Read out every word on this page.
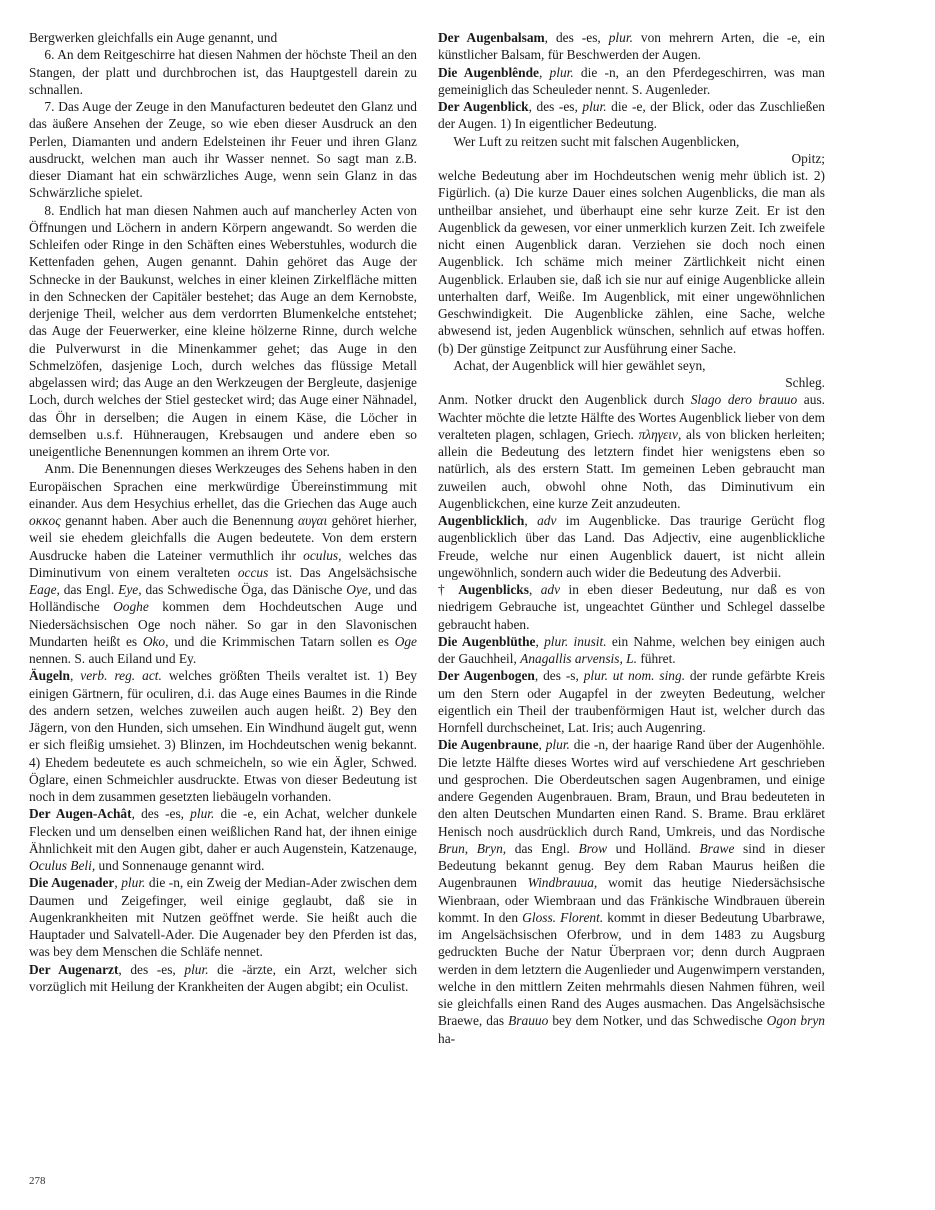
Bergwerken gleichfalls ein Auge genannt, und

6. An dem Reitgeschirre hat diesen Nahmen der höchste Theil an den Stangen, der platt und durchbrochen ist, das Hauptgestell darein zu schnallen.

7. Das Auge der Zeuge in den Manufacturen bedeutet den Glanz und das äußere Ansehen der Zeuge, so wie eben dieser Ausdruck an den Perlen, Diamanten und andern Edelsteinen ihr Feuer und ihren Glanz ausdruckt, welchen man auch ihr Wasser nennet. So sagt man z.B. dieser Diamant hat ein schwärzliches Auge, wenn sein Glanz in das Schwärzliche spielet.

8. Endlich hat man diesen Nahmen auch auf mancherley Acten von Öffnungen und Löchern in andern Körpern angewandt. So werden die Schleifen oder Ringe in den Schäften eines Weberstuhles, wodurch die Kettenfaden gehen, Augen genannt. Dahin gehöret das Auge der Schnecke in der Baukunst, welches in einer kleinen Zirkelfläche mitten in den Schnecken der Capitäler bestehet; das Auge an dem Kernobste, derjenige Theil, welcher aus dem verdorrten Blumenkelche entstehet; das Auge der Feuerwerker, eine kleine hölzerne Rinne, durch welche die Pulverwurst in die Minenkammer gehet; das Auge in den Schmelzöfen, dasjenige Loch, durch welches das flüssige Metall abgelassen wird; das Auge an den Werkzeugen der Bergleute, dasjenige Loch, durch welches der Stiel gestecket wird; das Auge einer Nähnadel, das Öhr in derselben; die Augen in einem Käse, die Löcher in demselben u.s.f. Hühneraugen, Krebsaugen und andere eben so uneigentliche Benennungen kommen an ihrem Orte vor.

Anm. Die Benennungen dieses Werkzeuges des Sehens haben in den Europäischen Sprachen eine merkwürdige Übereinstimmung mit einander. Aus dem Hesychius erhellet, das die Griechen das Auge auch οκκος genannt haben. Aber auch die Benennung αυγαι gehöret hierher, weil sie ehedem gleichfalls die Augen bedeutete. Von dem erstern Ausdrucke haben die Lateiner vermuthlich ihr oculus, welches das Diminutivum von einem veralteten occus ist. Das Angelsächsische Eage, das Engl. Eye, das Schwedische Öga, das Dänische Oye, und das Holländische Ooghe kommen dem Hochdeutschen Auge und Niedersächsischen Oge noch näher. So gar in den Slavonischen Mundarten heißt es Oko, und die Krimmischen Tatarn sollen es Oge nennen. S. auch Eiland und Ey.

Äugeln, verb. reg. act. welches größten Theils veraltet ist. 1) Bey einigen Gärtnern, für oculiren, d.i. das Auge eines Baumes in die Rinde des andern setzen, welches zuweilen auch augen heißt. 2) Bey den Jägern, von den Hunden, sich umsehen. Ein Windhund äugelt gut, wenn er sich fleißig umsiehet. 3) Blinzen, im Hochdeutschen wenig bekannt. 4) Ehedem bedeutete es auch schmeicheln, so wie ein Ägler, Schwed. Öglare, einen Schmeichler ausdruckte. Etwas von dieser Bedeutung ist noch in dem zusammen gesetzten liebäugeln vorhanden.

Der Augen-Achât, des -es, plur. die -e, ein Achat, welcher dunkele Flecken und um denselben einen weißlichen Rand hat, der ihnen einige Ähnlichkeit mit den Augen gibt, daher er auch Augenstein, Katzenauge, Oculus Beli, und Sonnenauge genannt wird.

Die Augenader, plur. die -n, ein Zweig der Median-Ader zwischen dem Daumen und Zeigefinger, weil einige geglaubt, daß sie in Augenkrankheiten mit Nutzen geöffnet werde. Sie heißt auch die Hauptader und Salvatell-Ader. Die Augenader bey den Pferden ist das, was bey dem Menschen die Schläfe nennet.

Der Augenarzt, des -es, plur. die -ärzte, ein Arzt, welcher sich vorzüglich mit Heilung der Krankheiten der Augen abgibt; ein Oculist.

Der Augenbalsam, des -es, plur. von mehrern Arten, die -e, ein künstlicher Balsam, für Beschwerden der Augen.

Die Augenblênde, plur. die -n, an den Pferdegeschirren, was man gemeiniglich das Scheuleder nennt. S. Augenleder.

Der Augenblick, des -es, plur. die -e, der Blick, oder das Zuschließen der Augen. 1) In eigentlicher Bedeutung.

Wer Luft zu reitzen sucht mit falschen Augenblicken,

Opitz;

welche Bedeutung aber im Hochdeutschen wenig mehr üblich ist. 2) Figürlich. (a) Die kurze Dauer eines solchen Augenblicks, die man als untheilbar ansiehet, und überhaupt eine sehr kurze Zeit. Er ist den Augenblick da gewesen, vor einer unmerklich kurzen Zeit. Ich zweifele nicht einen Augenblick daran. Verziehen sie doch noch einen Augenblick. Ich schäme mich meiner Zärtlichkeit nicht einen Augenblick. Erlauben sie, daß ich sie nur auf einige Augenblicke allein unterhalten darf, Weiße. Im Augenblick, mit einer ungewöhnlichen Geschwindigkeit. Die Augenblicke zählen, eine Sache, welche abwesend ist, jeden Augenblick wünschen, sehnlich auf etwas hoffen. (b) Der günstige Zeitpunct zur Ausführung einer Sache.

Achat, der Augenblick will hier gewählet seyn,

Schleg.

Anm. Notker druckt den Augenblick durch Slago dero brauuo aus. Wachter möchte die letzte Hälfte des Wortes Augenblick lieber von dem veralteten plagen, schlagen, Griech. πληγειν, als von blicken herleiten; allein die Bedeutung des letztern findet hier wenigstens eben so natürlich, als des erstern Statt. Im gemeinen Leben gebraucht man zuweilen auch, obwohl ohne Noth, das Diminutivum ein Augenblickchen, eine kurze Zeit anzudeuten.

Augenblicklich, adv im Augenblicke. Das traurige Gerücht flog augenblicklich über das Land. Das Adjectiv, eine augenblickliche Freude, welche nur einen Augenblick dauert, ist nicht allein ungewöhnlich, sondern auch wider die Bedeutung des Adverbii.

† Augenblicks, adv in eben dieser Bedeutung, nur daß es von niedrigem Gebrauche ist, ungeachtet Günther und Schlegel dasselbe gebraucht haben.

Die Augenblüthe, plur. inusit. ein Nahme, welchen bey einigen auch der Gauchheil, Anagallis arvensis, L. führet.

Der Augenbogen, des -s, plur. ut nom. sing. der runde gefärbte Kreis um den Stern oder Augapfel in der zweyten Bedeutung, welcher eigentlich ein Theil der traubenförmigen Haut ist, welcher durch das Hornfell durchscheinet, Lat. Iris; auch Augenring.

Die Augenbraune, plur. die -n, der haarige Rand über der Augenhöhle. Die letzte Hälfte dieses Wortes wird auf verschiedene Art geschrieben und gesprochen. Die Oberdeutschen sagen Augenbramen, und einige andere Gegenden Augenbrauen. Bram, Braun, und Brau bedeuteten in den alten Deutschen Mundarten einen Rand. S. Brame. Brau erkläret Henisch noch ausdrücklich durch Rand, Umkreis, und das Nordische Brun, Bryn, das Engl. Brow und Holländ. Brawe sind in dieser Bedeutung bekannt genug. Bey dem Raban Maurus heißen die Augenbraunen Windbrauua, womit das heutige Niedersächsische Wienbraan, oder Wiembraan und das Fränkische Windbrauen überein kommt. In den Gloss. Florent. kommt in dieser Bedeutung Ubarbrawe, im Angelsächsischen Oferbrow, und in dem 1483 zu Augsburg gedruckten Buche der Natur Überpraen vor; denn durch Augpraen werden in dem letztern die Augenlieder und Augenwimpern verstanden, welche in den mittlern Zeiten mehrmahls diesen Nahmen führen, weil sie gleichfalls einen Rand des Auges ausmachen. Das Angelsächsische Braewe, das Brauuo bey dem Notker, und das Schwedische Ogon bryn ha-

278
